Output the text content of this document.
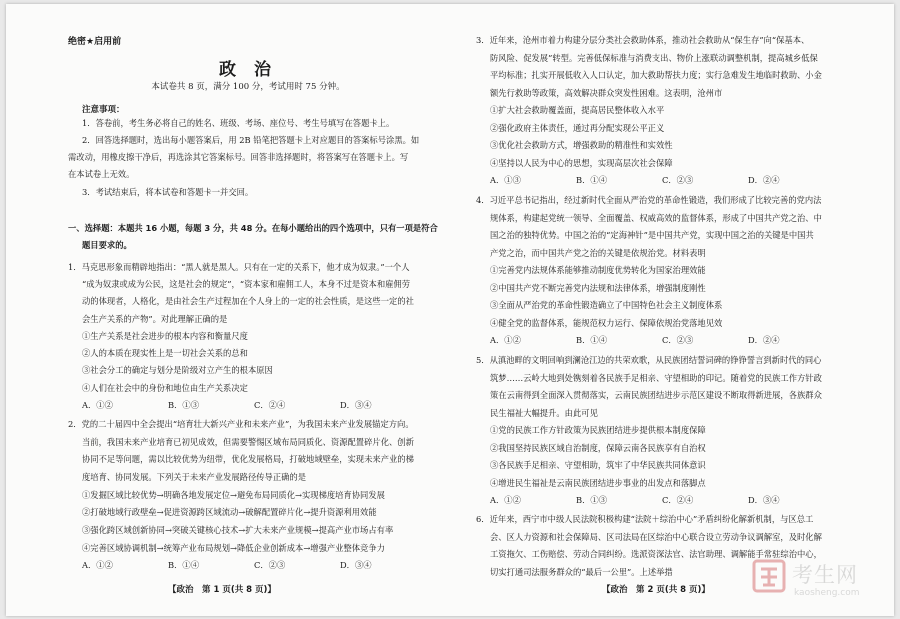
绝密★启用前
政 治
本试卷共 8 页，满分 100 分，考试用时 75 分钟。
注意事项：
1．答卷前，考生务必将自己的姓名、班级、考场、座位号、考生号填写在答题卡上。
2．回答选择题时，选出每小题答案后，用 2B 铅笔把答题卡上对应题目的答案标号涂黑。如
需改动，用橡皮擦干净后，再选涂其它答案标号。回答非选择题时，将答案写在答题卡上。写
在本试卷上无效。
3．考试结束后，将本试卷和答题卡一并交回。
一、选择题：本题共 16 小题，每题 3 分，共 48 分。在每小题给出的四个选项中，只有一项是符合
题目要求的。
1．马克思形象而精辟地指出：“黑人就是黑人。只有在一定的关系下，他才成为奴隶。”一个人
“成为奴隶或成为公民，这是社会的规定”，“资本家和雇佣工人，本身不过是资本和雇佣劳
动的体现者，人格化，是由社会生产过程加在个人身上的一定的社会性质，是这些一定的社
会生产关系的产物”。对此理解正确的是
①生产关系是社会进步的根本内容和衡量尺度
②人的本质在现实性上是一切社会关系的总和
③社会分工的确定与划分是阶级对立产生的根本原因
④人们在社会中的身份和地位由生产关系决定
A．①②	B．①③	C．②④	D．③④
2．党的二十届四中全会提出“培育壮大新兴产业和未来产业”，为我国未来产业发展锚定方向。
当前，我国未来产业培育已初见成效，但需要警惕区域布局同质化、资源配置碎片化、创新
协同不足等问题，需以比较优势为纽带，优化发展格局，打破地域壁垒，实现未来产业的梯
度培育、协同发展。下列关于未来产业发展路径传导正确的是
①发掘区域比较优势→明确各地发展定位→避免布局同质化→实现梯度培育协同发展
②打破地域行政壁垒→促进资源跨区域流动→破解配置碎片化→提升资源利用效能
③强化跨区域创新协同→突破关键核心技术→扩大未来产业规模→提高产业市场占有率
④完善区域协调机制→统筹产业布局规划→降低企业创新成本→增强产业整体竞争力
A．①②	B．①④	C．②③	D．③④
【政治　第 1 页(共 8 页)】
3．近年来，沧州市着力构建分层分类社会救助体系，推动社会救助从“保生存”向“保基本、
防风险、促发展”转型。完善低保标准与消费支出、物价上涨联动调整机制，提高城乡低保
平均标准；扎实开展低收入人口认定，加大救助帮扶力度；实行急难发生地临时救助、小金
额先行救助等政策，高效解决群众突发性困难。这表明，沧州市
①扩大社会救助覆盖面，提高居民整体收入水平
②强化政府主体责任，通过再分配实现公平正义
③优化社会救助方式，增强救助的精准性和实效性
④坚持以人民为中心的思想，实现高层次社会保障
A．①③	B．①④	C．②③	D．②④
4．习近平总书记指出，经过新时代全面从严治党的革命性锻造，我们形成了比较完善的党内法
规体系，构建起党统一领导、全面覆盖、权威高效的监督体系，形成了中国共产党之治、中
国之治的独特优势。中国之治的“定海神针”是中国共产党，实现中国之治的关键是中国共
产党之治，而中国共产党之治的关键是依规治党。材料表明
①完善党内法规体系能够推动制度优势转化为国家治理效能
②中国共产党不断完善党内法规和法律体系，增强制度刚性
③全面从严治党的革命性锻造确立了中国特色社会主义制度体系
④健全党的监督体系，能规范权力运行、保障依规治党落地见效
A．①②	B．①④	C．②③	D．②④
5．从滇池畔的文明回响到澜沧江边的共荣欢歌，从民族团结誓词碑的铮铮誓言到新时代的同心
筑梦……云岭大地到处镌刻着各民族手足相亲、守望相助的印记。随着党的民族工作方针政
策在云南得到全面深入贯彻落实，云南民族团结进步示范区建设不断取得新进展，各族群众
民生福祉大幅提升。由此可见
①党的民族工作方针政策为民族团结进步提供根本制度保障
②我国坚持民族区域自治制度，保障云南各民族享有自治权
③各民族手足相亲、守望相助，筑牢了中华民族共同体意识
④增进民生福祉是云南民族团结进步事业的出发点和落脚点
A．①②	B．①③	C．②④	D．③④
6．近年来，西宁市中级人民法院积极构建“法院＋综治中心”矛盾纠纷化解新机制，与区总工
会、区人力资源和社会保障局、区司法局在区综治中心联合设立劳动争议调解室，及时化解
工资拖欠、工伤赔偿、劳动合同纠纷。选派资深法官、法官助理、调解能手常驻综治中心，
切实打通司法服务群众的“最后一公里”。上述举措
【政治　第 2 页(共 8 页)】
考生网
kaosheng.com
